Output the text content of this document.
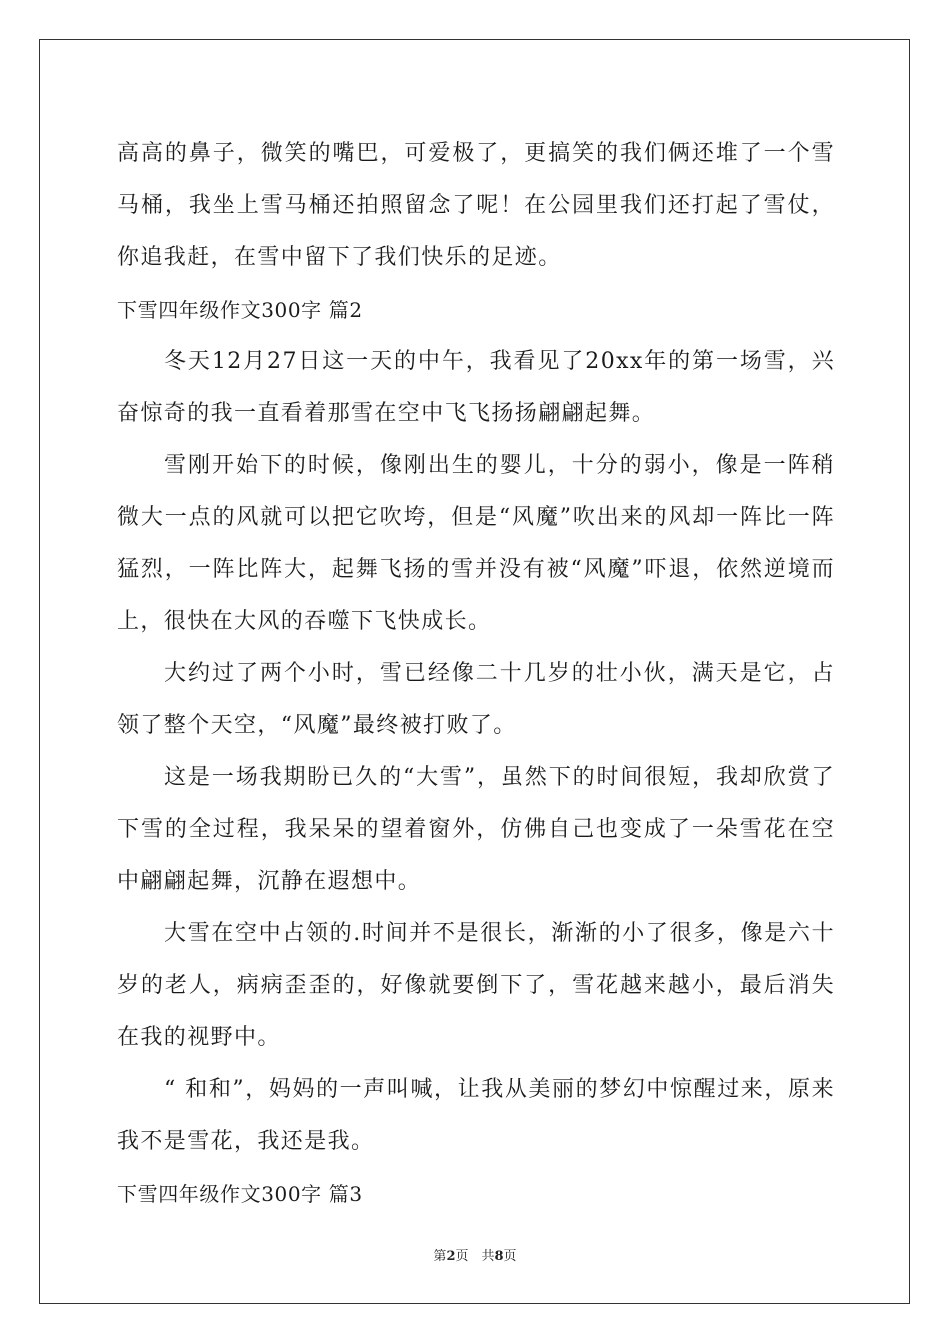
高高的鼻子，微笑的嘴巴，可爱极了，更搞笑的我们俩还堆了一个雪马桶，我坐上雪马桶还拍照留念了呢！在公园里我们还打起了雪仗，你追我赶，在雪中留下了我们快乐的足迹。

下雪四年级作文300字 篇2

冬天12月27日这一天的中午，我看见了20xx年的第一场雪，兴奋惊奇的我一直看着那雪在空中飞飞扬扬翩翩起舞。

雪刚开始下的时候，像刚出生的婴儿，十分的弱小，像是一阵稍微大一点的风就可以把它吹垮，但是“风魔”吹出来的风却一阵比一阵猛烈，一阵比阵大，起舞飞扬的雪并没有被“风魔”吓退，依然逆境而上，很快在大风的吞噬下飞快成长。

大约过了两个小时，雪已经像二十几岁的壮小伙，满天是它，占领了整个天空，“风魔”最终被打败了。

这是一场我期盼已久的“大雪”，虽然下的时间很短，我却欣赏了下雪的全过程，我呆呆的望着窗外，仿佛自己也变成了一朵雪花在空中翩翩起舞，沉静在遐想中。

大雪在空中占领的.时间并不是很长，渐渐的小了很多，像是六十岁的老人，病病歪歪的，好像就要倒下了，雪花越来越小，最后消失在我的视野中。

“ 和和”，妈妈的一声叫喊，让我从美丽的梦幻中惊醒过来，原来我不是雪花，我还是我。

下雪四年级作文300字 篇3

第2页　共8页
